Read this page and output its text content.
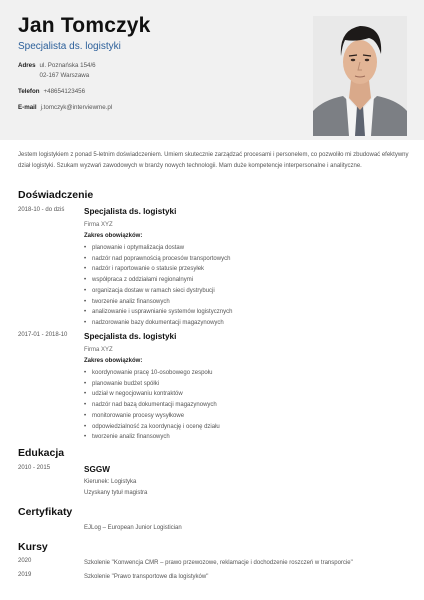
Jan Tomczyk
Specjalista ds. logistyki
Adres ul. Poznańska 154/6
02-167 Warszawa
Telefon +48654123456
E-mail j.tomczyk@interviewme.pl
Jestem logistykiem z ponad 5-letnim doświadczeniem. Umiem skutecznie zarządzać procesami i personelem, co pozwoliło mi zbudować efektywny dział logistyki. Szukam wyzwań zawodowych w branży nowych technologii. Mam duże kompetencje interpersonalne i analityczne.
Doświadczenie
2018-10 - do dziś Specjalista ds. logistyki
Firma XYZ
Zakres obowiązków:
• planowanie i optymalizacja dostaw
• nadzór nad poprawnością procesów transportowych
• nadzór i raportowanie o statusie przesyłek
• współpraca z oddziałami regionalnymi
• organizacja dostaw w ramach sieci dystrybucji
• tworzenie analiz finansowych
• analizowanie i usprawnianie systemów logistycznych
• nadzorowanie bazy dokumentacji magazynowych
2017-01 - 2018-10 Specjalista ds. logistyki
Firma XYZ
Zakres obowiązków:
• koordynowanie pracę 10-osobowego zespołu
• planowanie budżet spółki
• udział w negocjowaniu kontraktów
• nadzór nad bazą dokumentacji magazynowych
• monitorowanie procesy wysyłkowe
• odpowiedzialność za koordynację i ocenę działu
• tworzenie analiz finansowych
Edukacja
2010 - 2015	SGGW
Kierunek: Logistyka
Uzyskany tytuł magistra
Certyfikaty
EJLog – European Junior Logistician
Kursy
2020	Szkolenie "Konwencja CMR – prawo przewozowe, reklamacje i dochodzenie roszczeń w transporcie"
2019	Szkolenie "Prawo transportowe dla logistyków"
